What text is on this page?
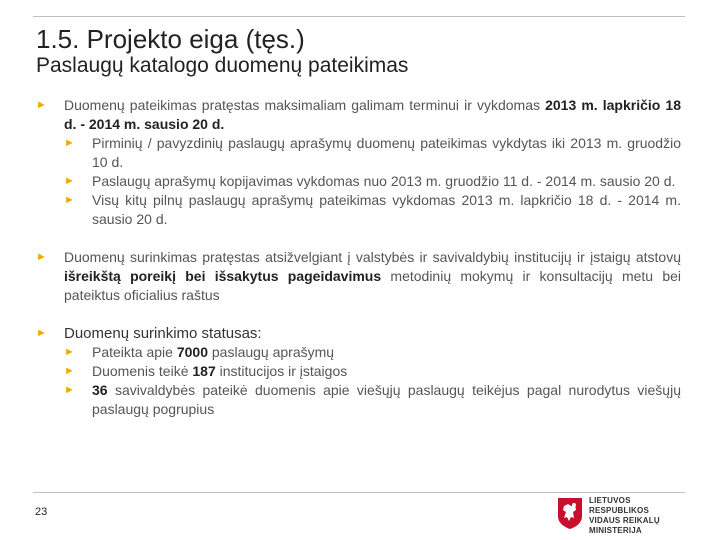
1.5. Projekto eiga (tęs.)
Paslaugų katalogo duomenų pateikimas
► Duomenų pateikimas pratęstas maksimaliam galimam terminui ir vykdomas 2013 m. lapkričio 18 d. - 2014 m. sausio 20 d.
► Pirminių / pavyzdinių paslaugų aprašymų duomenų pateikimas vykdytas iki 2013 m. gruodžio 10 d.
► Paslaugų aprašymų kopijavimas vykdomas nuo 2013 m. gruodžio 11 d. - 2014 m. sausio 20 d.
► Visų kitų pilnų paslaugų aprašymų pateikimas vykdomas 2013 m. lapkričio 18 d. - 2014 m. sausio 20 d.
► Duomenų surinkimas pratęstas atsižvelgiant į valstybės ir savivaldybių institucijų ir įstaigų atstovų išreikštą poreikį bei išsakytus pageidavimus metodinių mokymų ir konsultacijų metu bei pateiktus oficialius raštus
► Duomenų surinkimo statusas:
► Pateikta apie 7000 paslaugų aprašymų
► Duomenis teikė 187 institucijos ir įstaigos
► 36 savivaldybės pateikė duomenis apie viešųjų paslaugų teikėjus pagal nurodytus viešųjų paslaugų pogrupius
23
LIETUVOS RESPUBLIKOS
VIDAUS REIKALŲ
MINISTERIJA
